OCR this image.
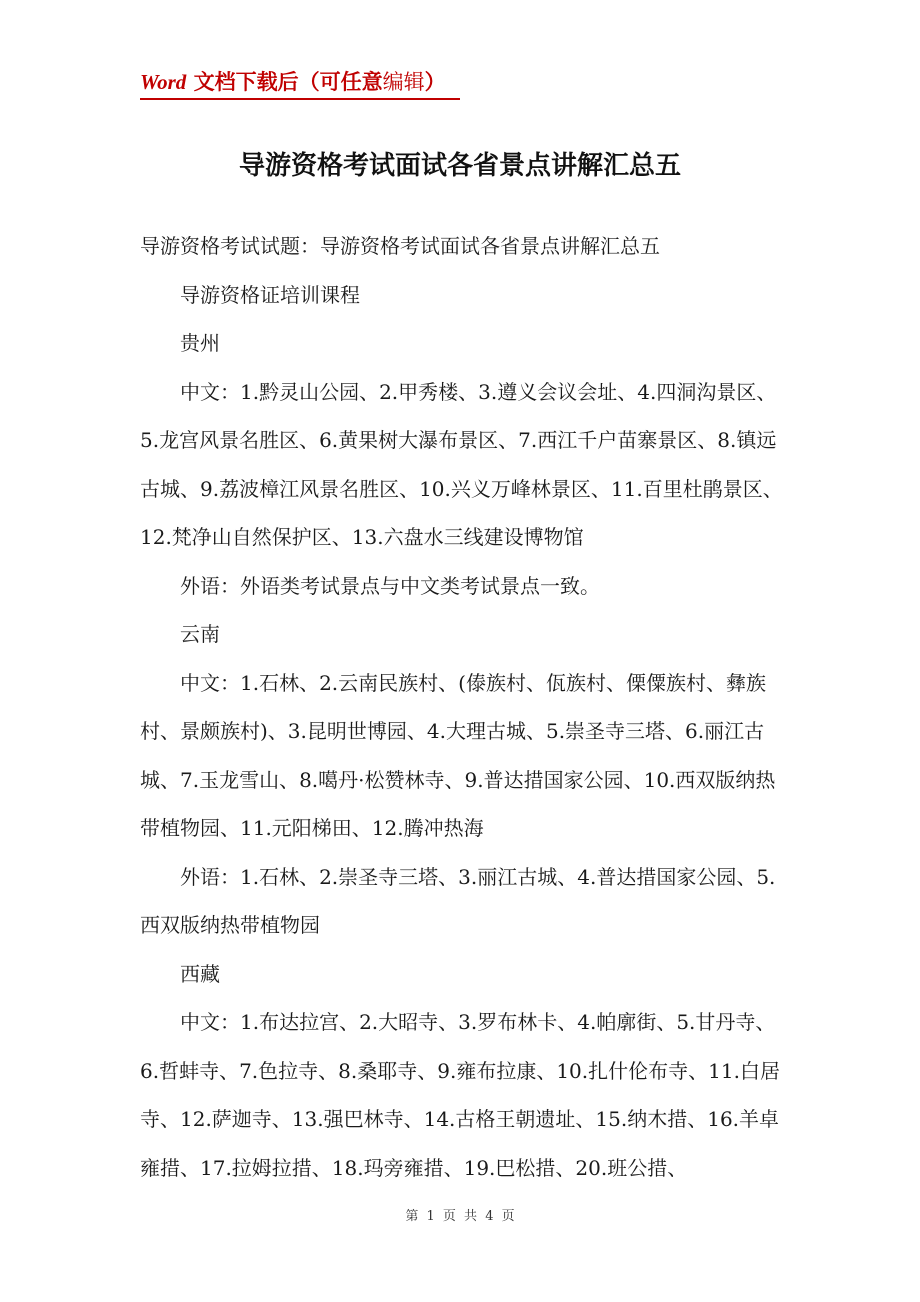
Word 文档下载后（可任意编辑）
导游资格考试面试各省景点讲解汇总五

导游资格考试试题：导游资格考试面试各省景点讲解汇总五

导游资格证培训课程

贵州

中文：1.黔灵山公园、2.甲秀楼、3.遵义会议会址、4.四洞沟景区、5.龙宫风景名胜区、6.黄果树大瀑布景区、7.西江千户苗寨景区、8.镇远古城、9.荔波樟江风景名胜区、10.兴义万峰林景区、11.百里杜鹃景区、12.梵净山自然保护区、13.六盘水三线建设博物馆

外语：外语类考试景点与中文类考试景点一致。

云南

中文：1.石林、2.云南民族村、(傣族村、佤族村、傈僳族村、彝族村、景颇族村)、3.昆明世博园、4.大理古城、5.崇圣寺三塔、6.丽江古城、7.玉龙雪山、8.噶丹·松赞林寺、9.普达措国家公园、10.西双版纳热带植物园、11.元阳梯田、12.腾冲热海

外语：1.石林、2.崇圣寺三塔、3.丽江古城、4.普达措国家公园、5.西双版纳热带植物园

西藏

中文：1.布达拉宫、2.大昭寺、3.罗布林卡、4.帕廓街、5.甘丹寺、6.哲蚌寺、7.色拉寺、8.桑耶寺、9.雍布拉康、10.扎什伦布寺、11.白居寺、12.萨迦寺、13.强巴林寺、14.古格王朝遗址、15.纳木措、16.羊卓雍措、17.拉姆拉措、18.玛旁雍措、19.巴松措、20.班公措、

第 1 页 共 4 页
